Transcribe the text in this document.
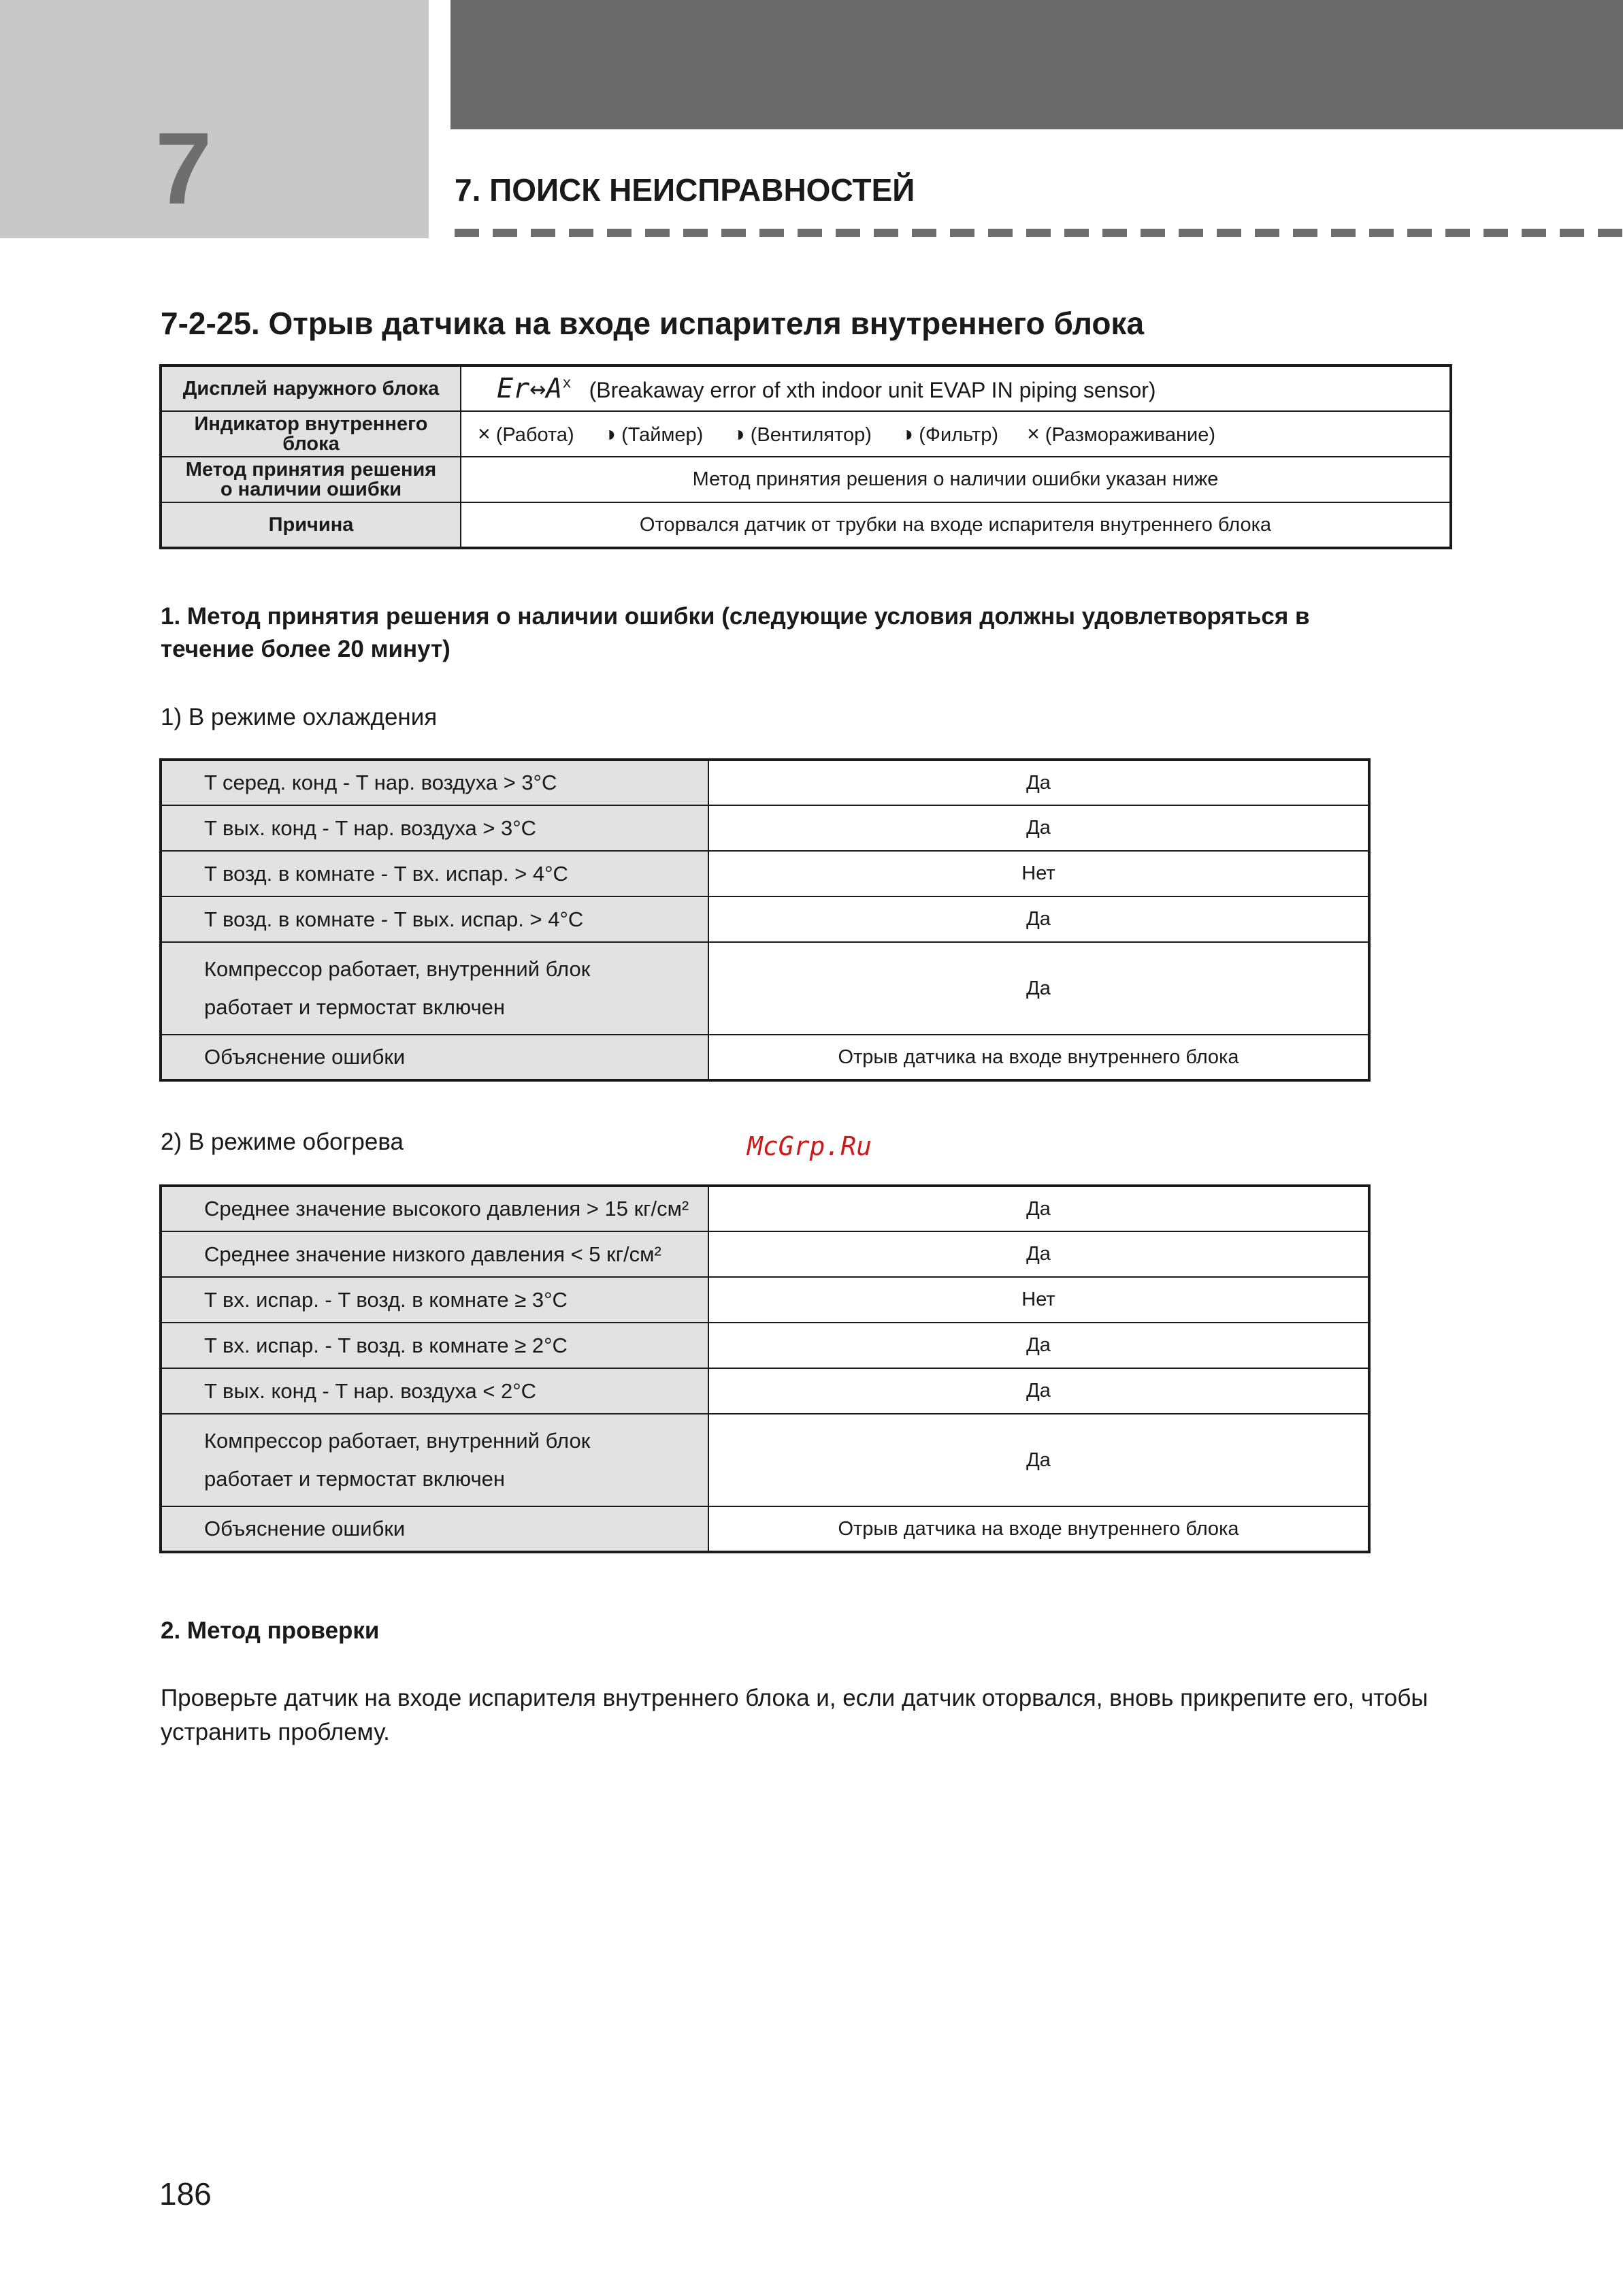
7	7. ПОИСК НЕИСПРАВНОСТЕЙ
7-2-25. Отрыв датчика на входе испарителя внутреннего блока
Дисплей наружного блока	$Er\leftrightarrow A^x$ (Breakaway error of xth indoor unit EVAP IN piping sensor)
Индикатор внутреннего блока	× (Работа) ◑ (Таймер) ◑ (Вентилятор) ◑ (Фильтр) × (Размораживание)

Метод принятия решения
о наличии ошибки	Метод принятия решения о наличии ошибки указан ниже
Причина	Оторвался датчик от трубки на входе испарителя внутреннего блока
1. Метод принятия решения о наличии ошибки (следующие условия должны удовлетворяться в течение более 20 минут)
1) В режиме охлаждения
T серед. конд - T нар. воздуха > 3°C	Да
T вых. конд - T нар. воздуха > 3°C	Да
T возд. в комнате - T вх. испар. > 4°C	Нет
T возд. в комнате - T вых. испар. > 4°C	Да

Компрессор работает, внутренний блок
работает и термостат включен	Да
Объяснение ошибки	Отрыв датчика на входе внутреннего блока
2) В режиме обогрева	McGrp.Ru
Среднее значение высокого давления > 15 кг/см²	Да
Среднее значение низкого давления < 5 кг/см²	Да
T вх. испар. - T возд. в комнате ≥ 3°C	Нет
T вх. испар. - T возд. в комнате ≥ 2°C	Да
T вых. конд - T нар. воздуха < 2°C	Да

Компрессор работает, внутренний блок
работает и термостат включен	Да
Объяснение ошибки	Отрыв датчика на входе внутреннего блока
2. Метод проверки
Проверьте датчик на входе испарителя внутреннего блока и, если датчик оторвался, вновь прикрепите его, чтобы устранить проблему.
186
